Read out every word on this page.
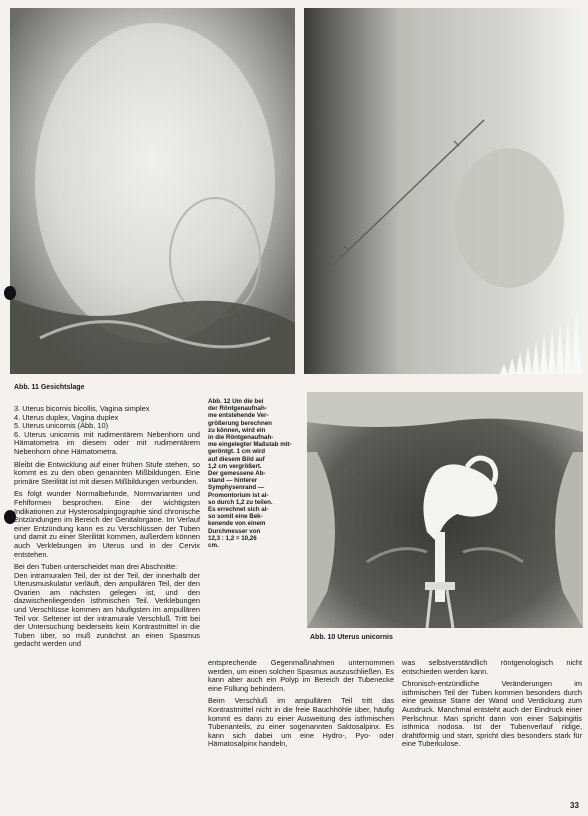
Abb. 11 Gesichtslage
Abb. 10 Uterus unicornis

Abb. 12 Um die bei

der Röntgenaufnah-

me entstehende Ver-

größerung berechnen

zu können, wird ein

in die Röntgenaufnah-

me eingelegter Maßstab mit-

geröntgt. 1 cm wird

auf diesem Bild auf

1,2 cm vergrößert.

Der gemessene Ab-

stand — hinterer

Symphysenrand —

Promontorium ist al-

so durch 1,2 zu teilen.

Es errechnet sich al-

so somit eine Bek-

kenende von einem

Durchmesser von

12,3 : 1,2 = 10,26

cm.

3. Uterus bicornis bicollis, Vagina simplex

4. Uterus duplex, Vagina duplex

5. Uterus unicornis (Abb. 10)

6. Uterus unicornis mit rudimentärem Nebenhorn und Hämatometra im diesem oder mit rudimentärem Nebenhorn ohne Hämatometra.

Bleibt die Entwicklung auf einer frühen Stufe stehen, so kommt es zu den oben genannten Mißbildungen. Eine primäre Sterilität ist mit diesen Mißbildungen verbunden.

Es folgt wunder Normalbefunde, Normvarianten und Fehlformen besprochen. Eine der wichtigsten Indikationen zur Hysterosalpingographie sind chronische Entzündungen im Bereich der Genitalorgane. Im Verlauf einer Entzündung kann es zu Verschlüssen der Tuben und damit zu einer Sterilität kommen, außerdem können auch Verklebungen im Uterus und in der Cervix entstehen.

Bei den Tuben unterscheidet man drei Abschnitte:

Den intramuralen Teil, der ist der Teil, der innerhalb der Uterusmuskulatur verläuft, den ampullären Teil, der den Ovarien am nächsten gelegen ist, und den dazwischenliegenden isthmischen Teil. Verklebungen und Verschlüsse kommen am häufigsten im ampullären Teil vor. Seltener ist der intramurale Verschluß. Tritt bei der Untersuchung beiderseits kein Kontrastmittel in die Tuben über, so muß zunächst an einen Spasmus gedacht werden und

entsprechende Gegenmaßnahmen unternommen werden, um einen solchen Spasmus auszuschließen. Es kann aber auch ein Polyp im Bereich der Tubenecke eine Füllung behindern.

Beim Verschluß im ampullären Teil tritt das Kontrastmittel nicht in die freie Bauchhöhle über, häufig kommt es dann zu einer Ausweitung des isthmischen Tubenanteils, zu einer sogenannten Saktosalpinx. Es kann sich dabei um eine Hydro-, Pyo- oder Hämatosalpinx handeln,

was selbstverständlich röntgenologisch nicht entschieden werden kann.

Chronisch-entzündliche Veränderungen im isthmischen Teil der Tuben kommen besonders durch eine gewisse Starre der Wand und Verdickung zum Ausdruck. Manchmal entsteht auch der Eindruck einer Perlschnur. Man spricht dann von einer Salpingitis isthmica nodosa. Ist der Tubenverlauf ridige, drahtförmig und starr, spricht dies besonders stark für eine Tuberkulose.

33
